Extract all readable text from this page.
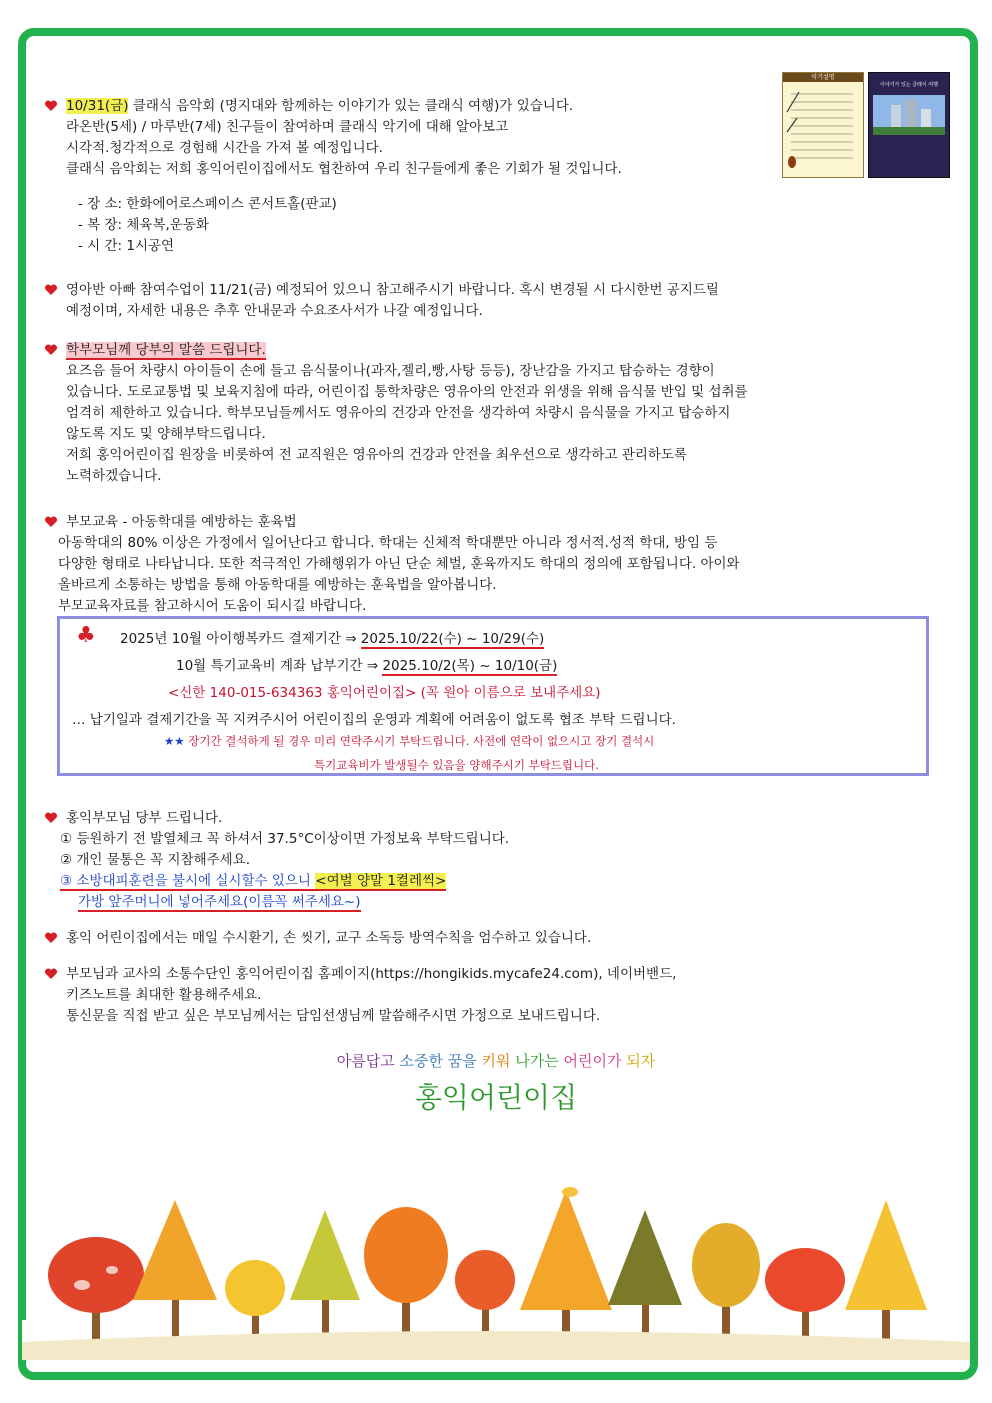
악기설명
이야기가 있는 클래식 여행
10/31(금) 클래식 음악회 (명지대와 함께하는 이야기가 있는 클래식 여행)가 있습니다.
라온반(5세) / 마루반(7세) 친구들이 참여하며 클래식 악기에 대해 알아보고
시각적.청각적으로 경험해 시간을 가져 볼 예정입니다.
클래식 음악회는 저희 홍익어린이집에서도 협찬하여 우리 친구들에게 좋은 기회가 될 것입니다.
- 장 소: 한화에어로스페이스 콘서트홀(판교)
- 복 장: 체육복,운동화
- 시 간: 1시공연
영아반 아빠 참여수업이 11/21(금) 예정되어 있으니 참고해주시기 바랍니다. 혹시 변경될 시 다시한번 공지드릴
예정이며, 자세한 내용은 추후 안내문과 수요조사서가 나갈 예정입니다.
학부모님께 당부의 말씀 드립니다.
요즈음 들어 차량시 아이들이 손에 들고 음식물이나(과자,젤리,빵,사탕 등등), 장난감을 가지고 탑승하는 경향이
있습니다. 도로교통법 및 보육지침에 따라, 어린이집 통학차량은 영유아의 안전과 위생을 위해 음식물 반입 및 섭취를
엄격히 제한하고 있습니다. 학부모님들께서도 영유아의 건강과 안전을 생각하여 차량시 음식물을 가지고 탑승하지
않도록 지도 및 양해부탁드립니다.
저희 홍익어린이집 원장을 비롯하여 전 교직원은 영유아의 건강과 안전을 최우선으로 생각하고 관리하도록
노력하겠습니다.
부모교육 - 아동학대를 예방하는 훈육법
아동학대의 80% 이상은 가정에서 일어난다고 합니다. 학대는 신체적 학대뿐만 아니라 정서적.성적 학대, 방임 등
다양한 형태로 나타납니다. 또한 적극적인 가해행위가 아닌 단순 체벌, 훈육까지도 학대의 정의에 포함됩니다. 아이와
올바르게 소통하는 방법을 통해 아동학대를 예방하는 훈육법을 알아봅니다.
부모교육자료를 참고하시어 도움이 되시길 바랍니다.
♣ 2025년 10월 아이행복카드 결제기간 ⇒ 2025.10/22(수) ~ 10/29(수)
10월 특기교육비 계좌 납부기간 ⇒ 2025.10/2(목) ~ 10/10(금)
<신한 140-015-634363 홍익어린이집> (꼭 원아 이름으로 보내주세요)
… 납기일과 결제기간을 꼭 지켜주시어 어린이집의 운영과 계획에 어려움이 없도록 협조 부탁 드립니다.
★★ 장기간 결석하게 될 경우 미리 연락주시기 부탁드립니다. 사전에 연락이 없으시고 장기 결석시
특기교육비가 발생될수 있음을 양해주시기 부탁드립니다.
홍익부모님 당부 드립니다.
① 등원하기 전 발열체크 꼭 하셔서 37.5°C이상이면 가정보육 부탁드립니다.
② 개인 물통은 꼭 지참해주세요.
③ 소방대피훈련을 불시에 실시할수 있으니 <여벌 양말 1켤레씩>
가방 앞주머니에 넣어주세요(이름꼭 써주세요~)
홍익 어린이집에서는 매일 수시환기, 손 씻기, 교구 소독등 방역수칙을 엄수하고 있습니다.
부모님과 교사의 소통수단인 홍익어린이집 홈페이지(https://hongikids.mycafe24.com), 네이버밴드,
키즈노트를 최대한 활용해주세요.
통신문을 직접 받고 싶은 부모님께서는 담임선생님께 말씀해주시면 가정으로 보내드립니다.
아름답고 소중한 꿈을 키워 나가는 어린이가 되자
홍익어린이집
